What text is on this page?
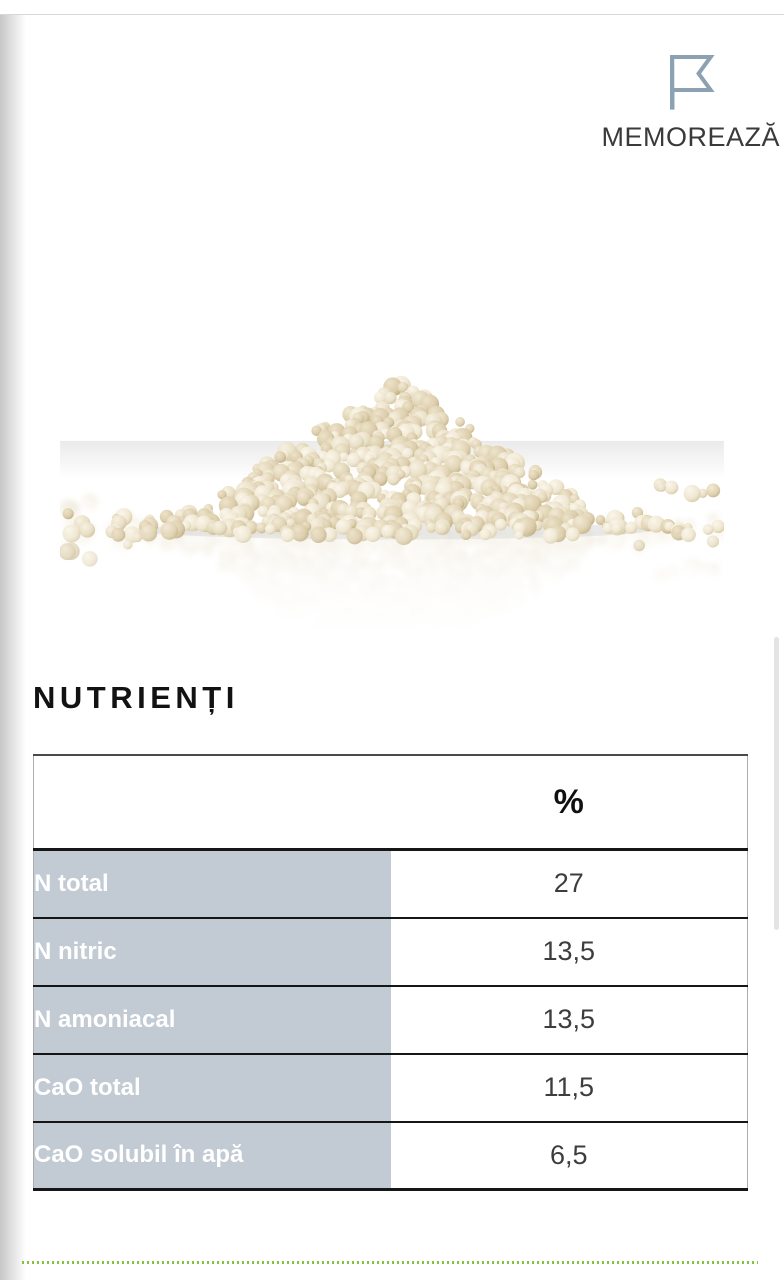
MEMOREAZĂ
NUTRIENȚI
	%
N total	27
N nitric	13,5
N amoniacal	13,5
CaO total	11,5
CaO solubil în apă	6,5
